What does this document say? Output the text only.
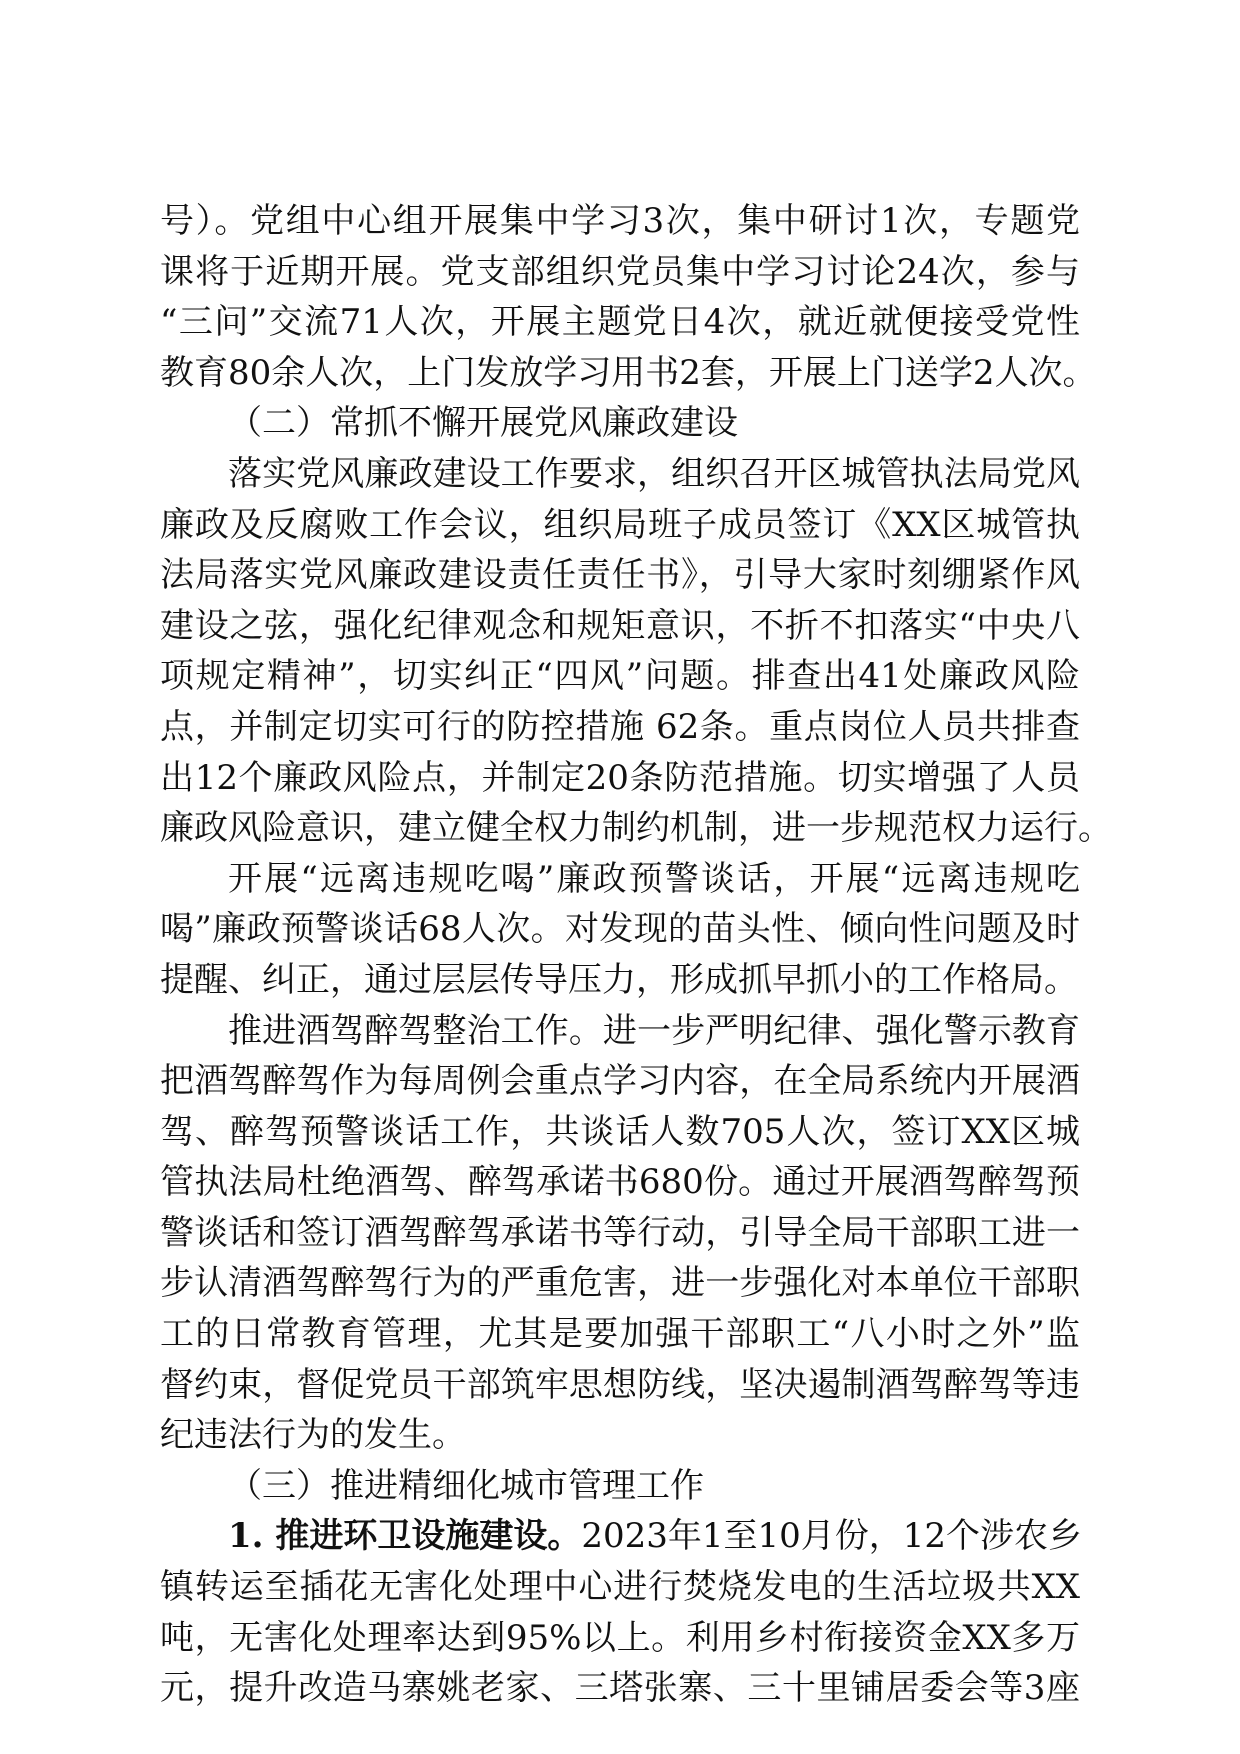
号）。党组中心组开展集中学习3次，集中研讨1次，专题党
课将于近期开展。党支部组织党员集中学习讨论24次，参与
“三问”交流71人次，开展主题党日4次，就近就便接受党性
教育80余人次，上门发放学习用书2套，开展上门送学2人次。
（二）常抓不懈开展党风廉政建设
落实党风廉政建设工作要求，组织召开区城管执法局党风
廉政及反腐败工作会议，组织局班子成员签订《XX区城管执
法局落实党风廉政建设责任责任书》，引导大家时刻绷紧作风
建设之弦，强化纪律观念和规矩意识，不折不扣落实“中央八
项规定精神”，切实纠正“四风”问题。排查出41处廉政风险
点，并制定切实可行的防控措施 62条。重点岗位人员共排查
出12个廉政风险点，并制定20条防范措施。切实增强了人员
廉政风险意识，建立健全权力制约机制，进一步规范权力运行。
开展“远离违规吃喝”廉政预警谈话，开展“远离违规吃
喝”廉政预警谈话68人次。对发现的苗头性、倾向性问题及时
提醒、纠正，通过层层传导压力，形成抓早抓小的工作格局。
推进酒驾醉驾整治工作。进一步严明纪律、强化警示教育
把酒驾醉驾作为每周例会重点学习内容，在全局系统内开展酒
驾、醉驾预警谈话工作，共谈话人数705人次，签订XX区城
管执法局杜绝酒驾、醉驾承诺书680份。通过开展酒驾醉驾预
警谈话和签订酒驾醉驾承诺书等行动，引导全局干部职工进一
步认清酒驾醉驾行为的严重危害，进一步强化对本单位干部职
工的日常教育管理，尤其是要加强干部职工“八小时之外”监
督约束，督促党员干部筑牢思想防线，坚决遏制酒驾醉驾等违
纪违法行为的发生。
（三）推进精细化城市管理工作
1. 推进环卫设施建设。2023年1至10月份，12个涉农乡
镇转运至插花无害化处理中心进行焚烧发电的生活垃圾共XX
吨，无害化处理率达到95%以上。利用乡村衔接资金XX多万
元，提升改造马寨姚老家、三塔张寨、三十里铺居委会等3座
